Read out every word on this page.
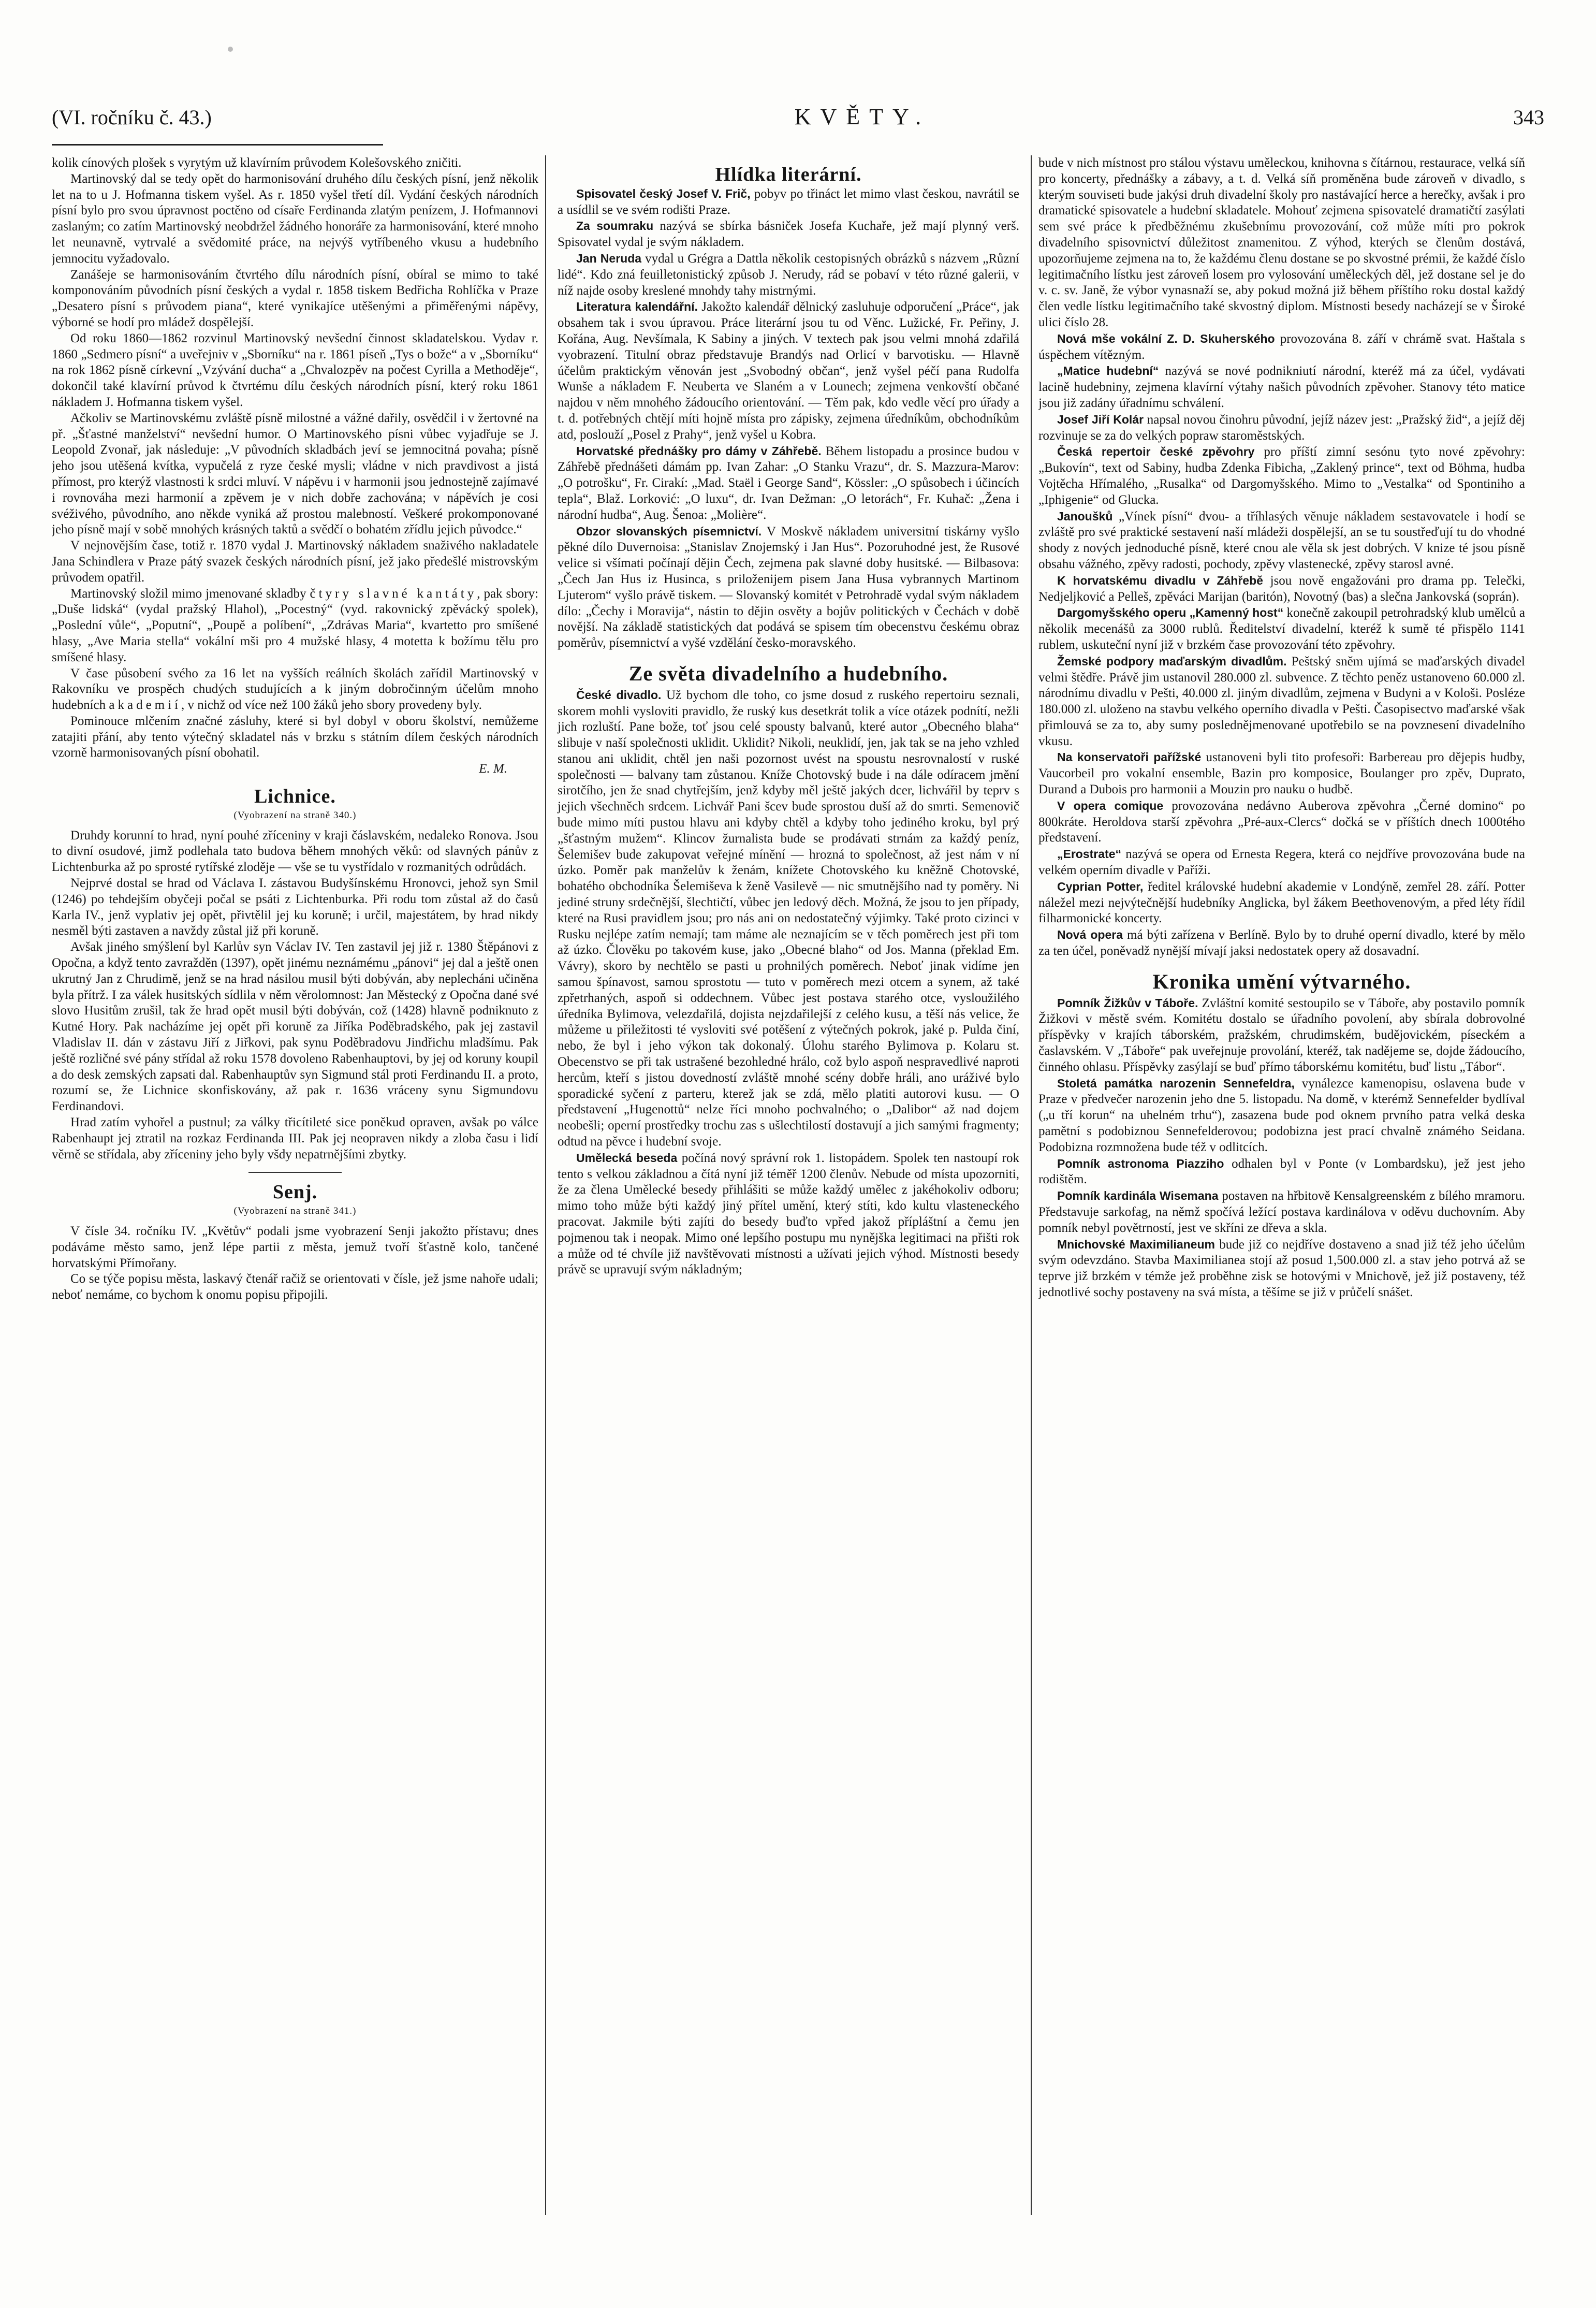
(VI. ročníku č. 43.)	KVĚTY.	343

kolik cínových plošek s vyrytým už klavírním průvodem Kolešovského zničiti.

Martinovský dal se tedy opět do harmonisování druhého dílu českých písní, jenž několik let na to u J. Hofmanna tiskem vyšel. As r. 1850 vyšel třetí díl. Vydání českých národních písní bylo pro svou úpravnost poctěno od císaře Ferdinanda zlatým penízem, J. Hofmannovi zaslaným; co zatím Martinovský neobdržel žádného honoráře za harmonisování, které mnoho let neunavně, vytrvalé a svědomité práce, na nejvýš vytříbeného vkusu a hudebního jemnocitu vyžadovalo.

Zanášeje se harmonisováním čtvrtého dílu národních písní, obíral se mimo to také komponováním původních písní českých a vydal r. 1858 tiskem Bedřicha Rohlíčka v Praze „Desatero písní s průvodem piana“, které vynikajíce utěšenými a přiměřenými nápěvy, výborné se hodí pro mládež dospělejší.

Od roku 1860—1862 rozvinul Martinovský nevšední činnost skladatelskou. Vydav r. 1860 „Sedmero písní“ a uveřejniv v „Sborníku“ na r. 1861 píseň „Tys o bože“ a v „Sborníku“ na rok 1862 písně církevní „Vzývání ducha“ a „Chvalozpěv na počest Cyrilla a Methoděje“, dokončil také klavírní průvod k čtvrtému dílu českých národních písní, který roku 1861 nákladem J. Hofmanna tiskem vyšel.

Ačkoliv se Martinovskému zvláště písně milostné a vážné dařily, osvědčil i v žertovné na př. „Šťastné manželství“ nevšední humor. O Martinovského písni vůbec vyjadřuje se J. Leopold Zvonař, jak následuje: „V původních skladbách jeví se jemnocitná povaha; písně jeho jsou utěšená kvítka, vypučelá z ryze české mysli; vládne v nich pravdivost a jistá přímost, pro kterýž vlastnosti k srdci mluví. V nápěvu i v harmonii jsou jednostejně zajímavé i rovnováha mezi harmonií a zpěvem je v nich dobře zachována; v nápěvích je cosi svéživého, původního, ano někde vyniká až prostou malebností. Veškeré prokomponované jeho písně mají v sobě mnohých krásných taktů a svědčí o bohatém zřídlu jejich původce.“

V nejnovějším čase, totiž r. 1870 vydal J. Martinovský nákladem snaživého nakladatele Jana Schindlera v Praze pátý svazek českých národních písní, jež jako předešlé mistrovským průvodem opatřil.

Martinovský složil mimo jmenované skladby čtyry slavné kantáty, pak sbory: „Duše lidská“ (vydal pražský Hlahol), „Pocestný“ (vyd. rakovnický zpěvácký spolek), „Poslední vůle“, „Poputní“, „Poupě a políbení“, „Zdrávas Maria“, kvartetto pro smíšené hlasy, „Ave Maria stella“ vokální mši pro 4 mužské hlasy, 4 motetta k božímu tělu pro smíšené hlasy.

V čase působení svého za 16 let na vyšších reálních školách zařídil Martinovský v Rakovníku ve prospěch chudých studujících a k jiným dobročinným účelům mnoho hudebních akademií, v nichž od více než 100 žáků jeho sbory provedeny byly.

Pominouce mlčením značné zásluhy, které si byl dobyl v oboru školství, nemůžeme zatajiti přání, aby tento výtečný skladatel nás v brzku s státním dílem českých národních vzorně harmonisovaných písní obohatil.

E. M.
Lichnice.
(Vyobrazení na straně 340.)

Druhdy korunní to hrad, nyní pouhé zříceniny v kraji čáslavském, nedaleko Ronova. Jsou to divní osudové, jimž podlehala tato budova během mnohých věků: od slavných pánův z Lichtenburka až po sprosté rytířské zloděje — vše se tu vystřídalo v rozmanitých odrůdách.

Nejprvé dostal se hrad od Václava I. zástavou Budyšínskému Hronovci, jehož syn Smil (1246) po tehdejším obyčeji počal se psáti z Lichtenburka. Při rodu tom zůstal až do časů Karla IV., jenž vyplativ jej opět, přivtělil jej ku koruně; i určil, majestátem, by hrad nikdy nesměl býti zastaven a navždy zůstal již při koruně.

Avšak jiného smýšlení byl Karlův syn Václav IV. Ten zastavil jej již r. 1380 Štěpánovi z Opočna, a když tento zavražděn (1397), opět jinému neznámému „pánovi“ jej dal a ještě onen ukrutný Jan z Chrudimě, jenž se na hrad násilou musil býti dobýván, aby neplecháni učiněna byla přítrž. I za válek husitských sídlila v něm věrolomnost: Jan Městecký z Opočna dané své slovo Husitům zrušil, tak že hrad opět musil býti dobýván, což (1428) hlavně podniknuto z Kutné Hory. Pak nacházíme jej opět při koruně za Jiříka Poděbradského, pak jej zastavil Vladislav II. dán v zástavu Jiří z Jiřkovi, pak synu Poděbradovu Jindřichu mladšímu. Pak ještě rozličné své pány střídal až roku 1578 dovoleno Rabenhauptovi, by jej od koruny koupil a do desk zemských zapsati dal. Rabenhauptův syn Sigmund stál proti Ferdinandu II. a proto, rozumí se, že Lichnice skonfiskovány, až pak r. 1636 vráceny synu Sigmundovu Ferdinandovi.

Hrad zatím vyhořel a pustnul; za války třicítileté sice poněkud opraven, avšak po válce Rabenhaupt jej ztratil na rozkaz Ferdinanda III. Pak jej neopraven nikdy a zloba času i lidí věrně se střídala, aby zříceniny jeho byly všdy nepatrnějšími zbytky.

Senj.
(Vyobrazení na straně 341.)

V čísle 34. ročníku IV. „Květův“ podali jsme vyobrazení Senji jakožto přístavu; dnes podáváme město samo, jenž lépe partii z města, jemuž tvoří šťastně kolo, tančené horvatskými Přímořany.

Co se týče popisu města, laskavý čtenář račiž se orientovati v čísle, jež jsme nahoře udali; neboť nemáme, co bychom k onomu popisu připojili.

Hlídka literární.

Spisovatel český Josef V. Frič, pobyv po třináct let mimo vlast českou, navrátil se a usídlil se ve svém rodišti Praze.

Za soumraku nazývá se sbírka básniček Josefa Kuchaře, jež mají plynný verš. Spisovatel vydal je svým nákladem.

Jan Neruda vydal u Grégra a Dattla několik cestopisných obrázků s názvem „Různí lidé“. Kdo zná feuilletonistický způsob J. Nerudy, rád se pobaví v této různé galerii, v níž najde osoby kreslené mnohdy tahy mistrnými.

Literatura kalendářní. Jakožto kalendář dělnický zasluhuje odporučení „Práce“, jak obsahem tak i svou úpravou. Práce literární jsou tu od Věnc. Lužické, Fr. Peřiny, J. Kořána, Aug. Nevšímala, K Sabiny a jiných. V textech pak jsou velmi mnohá zdařilá vyobrazení. Titulní obraz představuje Brandýs nad Orlicí v barvotisku. — Hlavně účelům praktickým věnován jest „Svobodný občan“, jenž vyšel péčí pana Rudolfa Wunše a nákladem F. Neuberta ve Slaném a v Lounech; zejmena venkovští občané najdou v něm mnohého žádoucího orientování. — Těm pak, kdo vedle věcí pro úřady a t. d. potřebných chtějí míti hojně místa pro zápisky, zejmena úředníkům, obchodníkům atd, poslouží „Posel z Prahy“, jenž vyšel u Kobra.

Horvatské přednášky pro dámy v Záhřebě. Během listopadu a prosince budou v Záhřebě přednášeti dámám pp. Ivan Zahar: „O Stanku Vrazu“, dr. S. Mazzura-Marov: „O potrošku“, Fr. Cirakí: „Mad. Staël i George Sand“, Kössler: „O spůsobech i účincích tepla“, Blaž. Lorković: „O luxu“, dr. Ivan Dežman: „O letorách“, Fr. Kuhač: „Žena i národní hudba“, Aug. Šenoa: „Molière“.

Obzor slovanských písemnictví. V Moskvě nákladem universitní tiskárny vyšlo pěkné dílo Duvernoisa: „Stanislav Znojemský i Jan Hus“. Pozoruhodné jest, že Rusové velice si všímati počínají dějin Čech, zejmena pak slavné doby husitské. — Bilbasova: „Čech Jan Hus iz Husinca, s priloženijem pisem Jana Husa vybrannych Martinom Ljuterom“ vyšlo právě tiskem. — Slovanský komitét v Petrohradě vydal svým nákladem dílo: „Čechy i Moravija“, nástin to dějin osvěty a bojův politických v Čechách v době novější. Na základě statistických dat podává se spisem tím obecenstvu českému obraz poměrův, písemnictví a vyšé vzdělání česko-moravského.

Ze světa divadelního a hudebního.

České divadlo. Už bychom dle toho, co jsme dosud z ruského repertoiru seznali, skorem mohli vysloviti pravidlo, že ruský kus desetkrát tolik a více otázek podnítí, nežli jich rozluští. Pane bože, toť jsou celé spousty balvanů, které autor „Obecného blaha“ slibuje v naší společnosti uklidit. Uklidit? Nikoli, neuklidí, jen, jak tak se na jeho vzhled stanou ani uklidit, chtěl jen naši pozornost uvést na spoustu nesrovnalostí v ruské společnosti — balvany tam zůstanou. Kníže Chotovský bude i na dále odíracem jmění sirotčího, jen že snad chytřejším, jenž kdyby měl ještě jakých dcer, lichvářil by teprv s jejich všechněch srdcem. Lichvář Pani šcev bude sprostou duší až do smrti. Semenovič bude mimo míti pustou hlavu ani kdyby chtěl a kdyby toho jediného kroku, byl prý „šťastným mužem“. Klincov žurnalista bude se prodávati strnám za každý peníz, Šelemišev bude zakupovat veřejné mínění — hrozná to společnost, až jest nám v ní úzko. Poměr pak manželův k ženám, knížete Chotovského ku kněžně Chotovské, bohatého obchodníka Šelemiševa k ženě Vasilevě — nic smutnějšího nad ty poměry. Ni jediné struny srdečnější, šlechtičtí, vůbec jen ledový děch. Možná, že jsou to jen případy, které na Rusi pravidlem jsou; pro nás ani on nedostatečný výjimky. Také proto cizinci v Rusku nejlépe zatím nemají; tam máme ale neznajícím se v těch poměrech jest při tom až úzko. Člověku po takovém kuse, jako „Obecné blaho“ od Jos. Manna (překlad Em. Vávry), skoro by nechtělo se pasti u prohnilých poměrech. Neboť jinak vidíme jen samou špínavost, samou sprostotu — tuto v poměrech mezi otcem a synem, až také zpřetrhaných, aspoň si oddechnem. Vůbec jest postava starého otce, vysloužilého úředníka Bylimova, velezdařilá, dojista nejzdařilejší z celého kusu, a těší nás velice, že můžeme u přiležitosti té vysloviti své potěšení z výtečných pokrok, jaké p. Pulda činí, nebo, že byl i jeho výkon tak dokonalý. Úlohu starého Bylimova p. Kolaru st. Obecenstvo se při tak ustrašené bezohledné hrálo, což bylo aspoň nespravedlivé naproti hercům, kteří s jistou dovedností zvláště mnohé scény dobře hráli, ano uráživé bylo sporadické syčení z parteru, kterež jak se zdá, mělo platiti autorovi kusu. — O představení „Hugenottů“ nelze říci mnoho pochvalného; o „Dalibor“ až nad dojem neobešli; operní prostředky trochu zas s ušlechtilostí dostavují a jich samými fragmenty; odtud na pěvce i hudební svoje.

Umělecká beseda počíná nový správní rok 1. listopádem. Spolek ten nastoupí rok tento s velkou základnou a čítá nyní již téměř 1200 členův. Nebude od místa upozorniti, že za člena Umělecké besedy přihlášiti se může každý umělec z jakéhokoliv odboru; mimo toho může býti každý jiný přítel umění, který stíti, kdo kultu vlasteneckého pracovat. Jakmile býti zajíti do besedy buďto vpřed jakož přípláštní a čemu jen pojmenou tak i neopak. Mimo oné lepšího postupu mu nynějška legitimaci na přišti rok a může od té chvíle již navštěvovati místnosti a užívati jejich výhod. Místnosti besedy právě se upravují svým nákladným;

bude v nich místnost pro stálou výstavu uměleckou, knihovna s čítárnou, restaurace, velká síň pro koncerty, přednášky a zábavy, a t. d. Velká síň proměněna bude zároveň v divadlo, s kterým souviseti bude jakýsi druh divadelní školy pro nastávající herce a herečky, avšak i pro dramatické spisovatele a hudební skladatele. Mohouť zejmena spisovatelé dramatičtí zasýlati sem své práce k předběžnému zkušebnímu provozování, což může míti pro pokrok divadelního spisovnictví důležitost znamenitou. Z výhod, kterých se členům dostává, upozorňujeme zejmena na to, že každému členu dostane se po skvostné prémii, že každé číslo legitimačního lístku jest zároveň losem pro vylosování uměleckých děl, jež dostane sel je do v. c. sv. Janě, že výbor vynasnaží se, aby pokud možná již během příštího roku dostal každý člen vedle lístku legitimačního také skvostný diplom. Místnosti besedy nacházejí se v Široké ulici číslo 28.

Nová mše vokální Z. D. Skuherského provozována 8. září v chrámě svat. Haštala s úspěchem vítězným.

„Matice hudební“ nazývá se nové podnikniutí národní, kteréž má za účel, vydávati lacině hudebniny, zejmena klavírní výtahy našich původních zpěvoher. Stanovy této matice jsou již zadány úřadnímu schválení.

Josef Jiří Kolár napsal novou činohru původní, jejíž název jest: „Pražský žid“, a jejíž děj rozvinuje se za do velkých popraw staroměstských.

Česká repertoir české zpěvohry pro příští zimní sesónu tyto nové zpěvohry: „Bukovín“, text od Sabiny, hudba Zdenka Fibicha, „Zaklený prince“, text od Böhma, hudba Vojtěcha Hřímalého, „Rusalka“ od Dargomyšského. Mimo to „Vestalka“ od Spontiniho a „Iphigenie“ od Glucka.

Janoušků „Vínek písní“ dvou- a tříhlasých věnuje nákladem sestavovatele i hodí se zvláště pro své praktické sestavení naší mládeži dospělejší, an se tu soustřeďují tu do vhodné shody z nových jednoduché písně, které cnou ale věla sk jest dobrých. V knize té jsou písně obsahu vážného, zpěvy radosti, pochody, zpěvy vlastenecké, zpěvy starosl avné.

K horvatskému divadlu v Záhřebě jsou nově engažováni pro drama pp. Telečki, Nedjeljković a Pelleš, zpěváci Marijan (baritón), Novotný (bas) a slečna Jankovská (soprán).

Dargomyšského operu „Kamenný host“ konečně zakoupil petrohradský klub umělců a několik mecenášů za 3000 rublů. Ředitelství divadelní, kteréž k sumě té přispělo 1141 rublem, uskuteční nyní již v brzkém čase provozování této zpěvohry.

Žemské podpory maďarským divadlům. Peštský sněm ujímá se maďarských divadel velmi štědře. Právě jim ustanovil 280.000 zl. subvence. Z těchto peněz ustanoveno 60.000 zl. národnímu divadlu v Pešti, 40.000 zl. jiným divadlům, zejmena v Budyni a v Kološi. Posléze 180.000 zl. uloženo na stavbu velkého operního divadla v Pešti. Časopisectvo maďarské však přimlouvá se za to, aby sumy poslednějmenované upotřebilo se na povznesení divadelního vkusu.

Na konservatoři pařížské ustanoveni byli tito profesoři: Barbereau pro dějepis hudby, Vaucorbeil pro vokalní ensemble, Bazin pro komposice, Boulanger pro zpěv, Duprato, Durand a Dubois pro harmonii a Mouzin pro nauku o hudbě.

V opera comique provozována nedávno Auberova zpěvohra „Černé domino“ po 800kráte. Heroldova starší zpěvohra „Pré-aux-Clercs“ dočká se v příštích dnech 1000tého představení.

„Erostrate“ nazývá se opera od Ernesta Regera, která co nejdříve provozována bude na velkém operním divadle v Paříži.

Cyprian Potter, ředitel královské hudební akademie v Londýně, zemřel 28. září. Potter náležel mezi nejvýtečnější hudebníky Anglicka, byl žákem Beethovenovým, a před léty řídil filharmonické koncerty.

Nová opera má býti zařízena v Berlíně. Bylo by to druhé operní divadlo, které by mělo za ten účel, poněvadž nynější mívají jaksi nedostatek opery až dosavadní.

Kronika umění výtvarného.

Pomník Žižkův v Táboře. Zvláštní komité sestoupilo se v Táboře, aby postavilo pomník Žižkovi v městě svém. Komitétu dostalo se úřadního povolení, aby sbírala dobrovolné příspěvky v krajích táborském, pražském, chrudimském, budějovickém, píseckém a časlavském. V „Táboře“ pak uveřejnuje provolání, kteréž, tak nadějeme se, dojde žádoucího, činného ohlasu. Příspěvky zasýlají se buď přímo táborskému komitétu, buď listu „Tábor“.

Stoletá památka narozenin Sennefeldra, vynálezce kamenopisu, oslavena bude v Praze v předvečer narozenin jeho dne 5. listopadu. Na domě, v kterémž Sennefelder bydlíval („u tří korun“ na uhelném trhu“), zasazena bude pod oknem prvního patra velká deska pamětní s podobiznou Sennefelderovou; podobizna jest prací chvalně známého Seidana. Podobizna rozmnožena bude též v odlitcích.

Pomník astronoma Piazziho odhalen byl v Ponte (v Lombardsku), jež jest jeho rodištěm.

Pomník kardinála Wisemana postaven na hřbitově Kensalgreenském z bílého mramoru. Představuje sarkofag, na němž spočívá ležící postava kardinálova v oděvu duchovním. Aby pomník nebyl povětrností, jest ve skříni ze dřeva a skla.

Mnichovské Maximilianeum bude již co nejdříve dostaveno a snad již též jeho účelům svým odevzdáno. Stavba Maximilianea stojí až posud 1,500.000 zl. a stav jeho potrvá až se teprve již brzkém v témže jež proběhne zisk se hotovými v Mnichově, jež již postaveny, též jednotlivé sochy postaveny na svá místa, a těšíme se již v průčelí snášet.
